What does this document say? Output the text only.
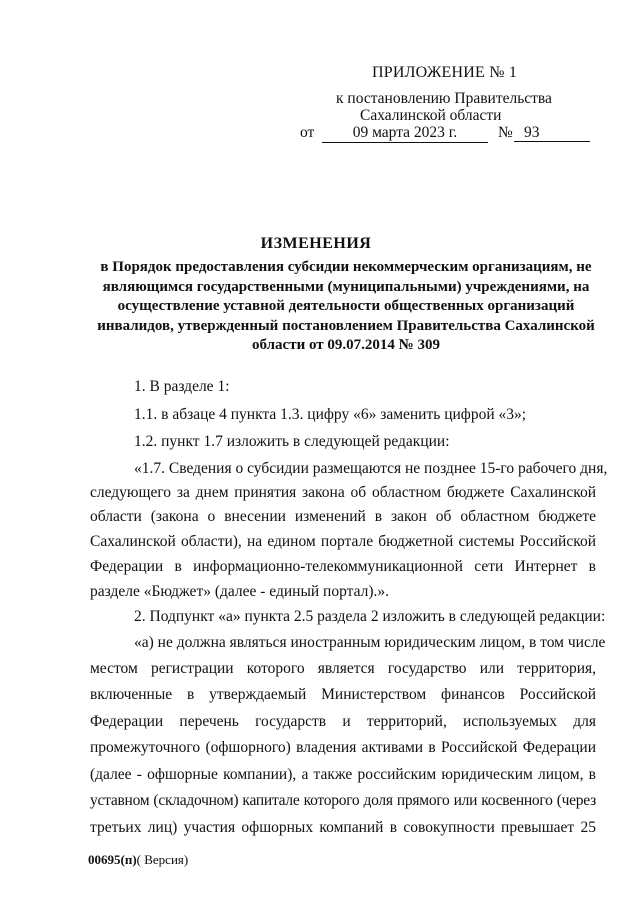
ПРИЛОЖЕНИЕ № 1
к постановлению Правительства
Сахалинской области
от	09 марта 2023 г.	№ 93
ИЗМЕНЕНИЯ
в Порядок предоставления субсидии некоммерческим организациям, не
являющимся государственными (муниципальными) учреждениями, на
осуществление уставной деятельности общественных организаций
инвалидов, утвержденный постановлением Правительства Сахалинской
области от 09.07.2014 № 309
1. В разделе 1:
1.1. в абзаце 4 пункта 1.3. цифру «6» заменить цифрой «3»;
1.2. пункт 1.7 изложить в следующей редакции:
«1.7. Сведения о субсидии размещаются не позднее 15-го рабочего дня,
следующего за днем принятия закона об областном бюджете Сахалинской
области (закона о внесении изменений в закон об областном бюджете
Сахалинской области), на едином портале бюджетной системы Российской
Федерации в информационно-телекоммуникационной сети Интернет в
разделе «Бюджет» (далее - единый портал).».
2. Подпункт «а» пункта 2.5 раздела 2 изложить в следующей редакции:
«а) не должна являться иностранным юридическим лицом, в том числе
местом регистрации которого является государство или территория,
включенные в утверждаемый Министерством финансов Российской
Федерации перечень государств и территорий, используемых для
промежуточного (офшорного) владения активами в Российской Федерации
(далее - офшорные компании), а также российским юридическим лицом, в
уставном (складочном) капитале которого доля прямого или косвенного (через
третьих лиц) участия офшорных компаний в совокупности превышает 25
00695(п)( Версия)
